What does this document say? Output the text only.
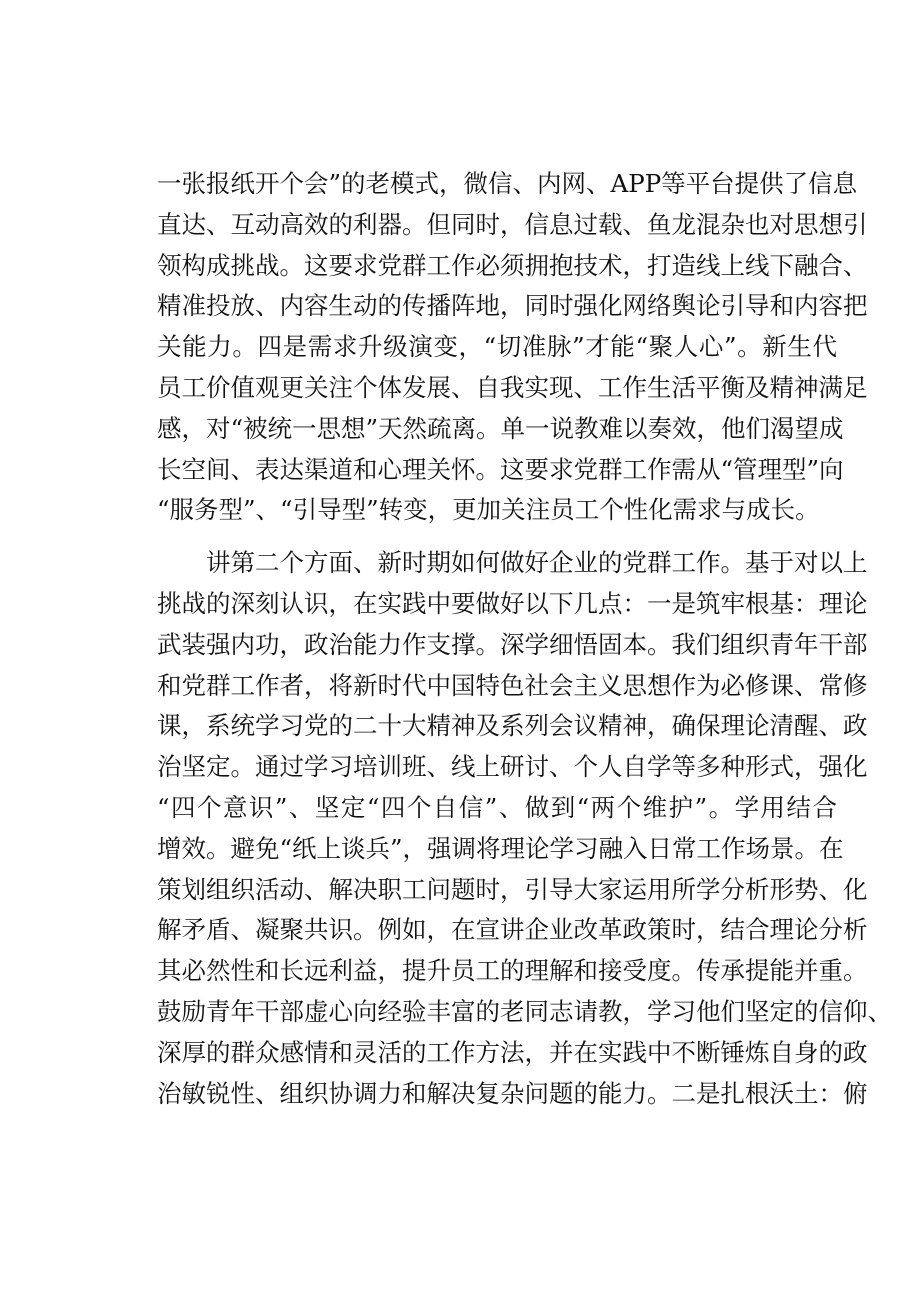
一张报纸开个会”的老模式，微信、内网、APP等平台提供了信息
直达、互动高效的利器。但同时，信息过载、鱼龙混杂也对思想引
领构成挑战。这要求党群工作必须拥抱技术，打造线上线下融合、
精准投放、内容生动的传播阵地，同时强化网络舆论引导和内容把
关能力。四是需求升级演变，“切准脉”才能“聚人心”。新生代
员工价值观更关注个体发展、自我实现、工作生活平衡及精神满足
感，对“被统一思想”天然疏离。单一说教难以奏效，他们渴望成
长空间、表达渠道和心理关怀。这要求党群工作需从“管理型”向
“服务型”、“引导型”转变，更加关注员工个性化需求与成长。
讲第二个方面、新时期如何做好企业的党群工作。基于对以上
挑战的深刻认识，在实践中要做好以下几点：一是筑牢根基：理论
武装强内功，政治能力作支撑。深学细悟固本。我们组织青年干部
和党群工作者，将新时代中国特色社会主义思想作为必修课、常修
课，系统学习党的二十大精神及系列会议精神，确保理论清醒、政
治坚定。通过学习培训班、线上研讨、个人自学等多种形式，强化
“四个意识”、坚定“四个自信”、做到“两个维护”。学用结合
增效。避免“纸上谈兵”，强调将理论学习融入日常工作场景。在
策划组织活动、解决职工问题时，引导大家运用所学分析形势、化
解矛盾、凝聚共识。例如，在宣讲企业改革政策时，结合理论分析
其必然性和长远利益，提升员工的理解和接受度。传承提能并重。
鼓励青年干部虚心向经验丰富的老同志请教，学习他们坚定的信仰、
深厚的群众感情和灵活的工作方法，并在实践中不断锤炼自身的政
治敏锐性、组织协调力和解决复杂问题的能力。二是扎根沃土：俯
